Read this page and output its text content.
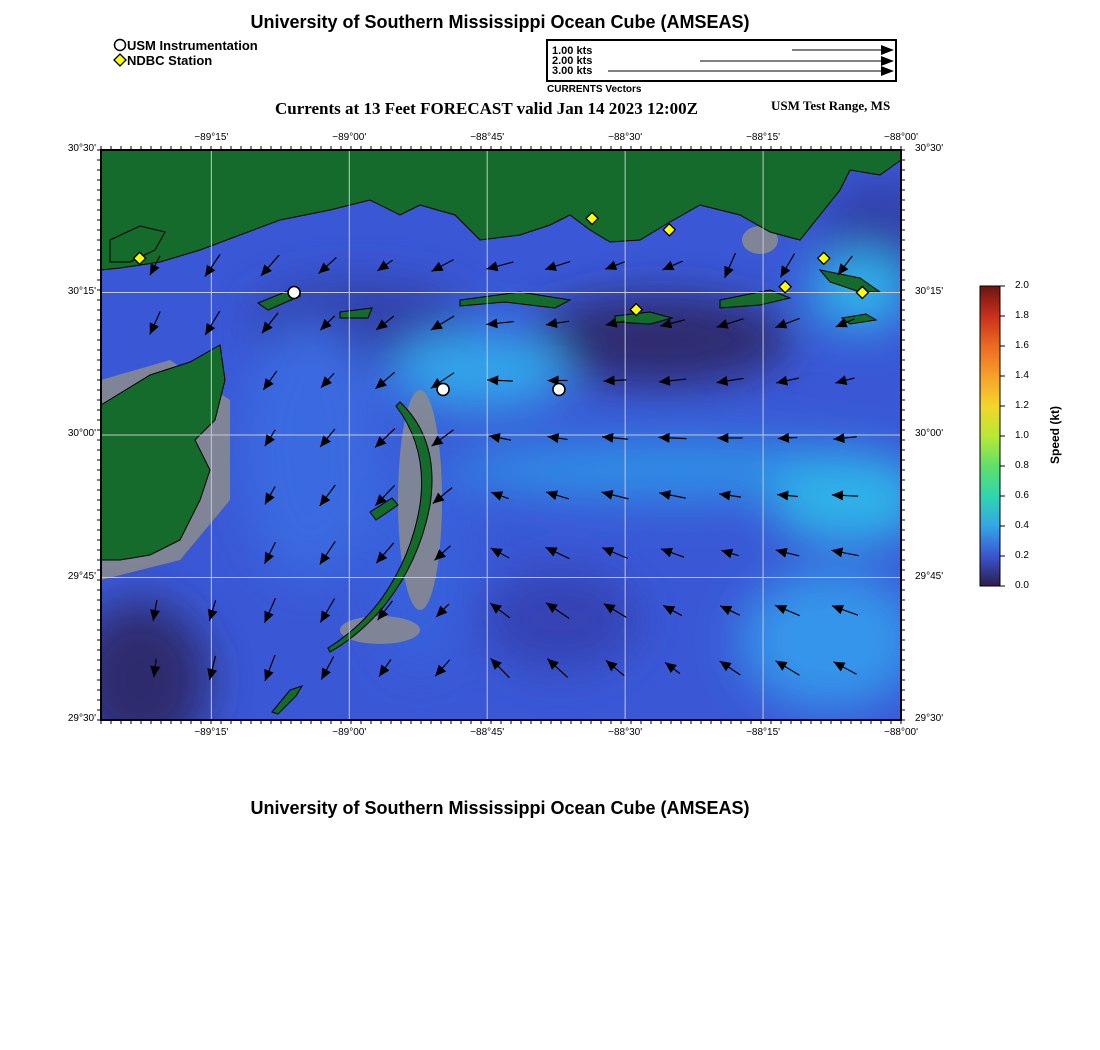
University of Southern Mississippi Ocean Cube (AMSEAS)
USM Instrumentation
NDBC Station
1.00 kts
2.00 kts
3.00 kts
CURRENTS Vectors
Currents at 13 Feet FORECAST valid Jan 14 2023 12:00Z	USM Test Range, MS
−89°15'
−89°15'
−89°00'
−89°00'
−88°45'
−88°45'
−88°30'
−88°30'
−88°15'
−88°15'
−88°00'
−88°00'
30°30'	30°30'
30°15'	30°15'
30°00'	30°00'
29°45'	29°45'
29°30'	29°30'
2.0
1.8
1.6
1.4
1.2
1.0
0.8
0.6
0.4
0.2
0.0
Speed (kt)
University of Southern Mississippi Ocean Cube (AMSEAS)
